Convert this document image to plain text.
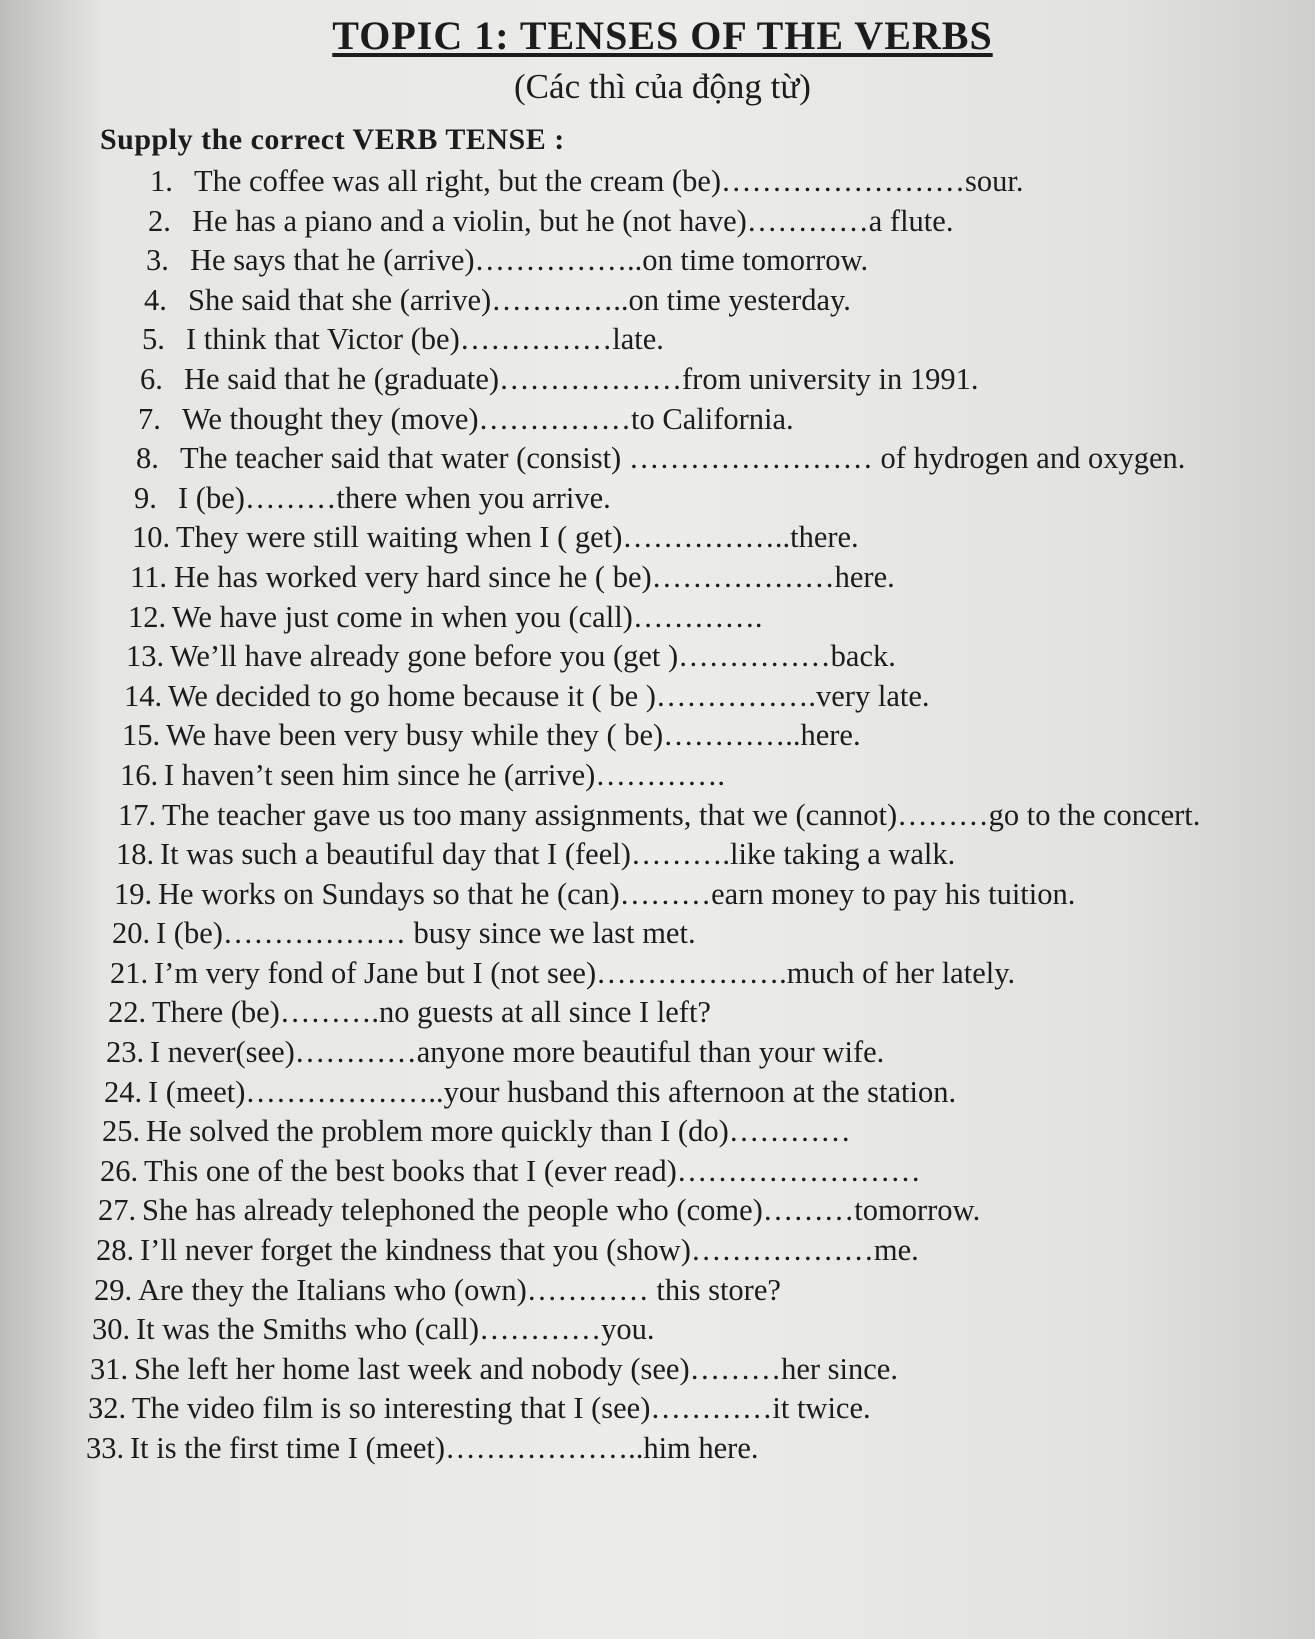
TOPIC 1: TENSES OF THE VERBS

(Các thì của động từ)

Supply the correct VERB TENSE :

1. The coffee was all right, but the cream (be)……………………sour.
2. He has a piano and a violin, but he (not have)…………a flute.
3. He says that he (arrive)……………..on time tomorrow.
4. She said that she (arrive)…………..on time yesterday.
5. I think that Victor (be)……………late.
6. He said that he (graduate)………………from university in 1991.
7. We thought they (move)……………to California.
8. The teacher said that water (consist) …………………… of hydrogen and oxygen.
9. I (be)………there when you arrive.
10. They were still waiting when I ( get)……………..there.
11. He has worked very hard since he ( be)………………here.
12. We have just come in when you (call)………….
13. We’ll have already gone before you (get )……………back.
14. We decided to go home because it ( be )…………….very late.
15. We have been very busy while they ( be)…………..here.
16. I haven’t seen him since he (arrive)………….
17. The teacher gave us too many assignments, that we (cannot)………go to the concert.
18. It was such a beautiful day that I (feel)……….like taking a walk.
19. He works on Sundays so that he (can)………earn money to pay his tuition.
20. I (be)……………… busy since we last met.
21. I’m very fond of Jane but I (not see)……………….much of her lately.
22. There (be)……….no guests at all since I left?
23. I never(see)…………anyone more beautiful than your wife.
24. I (meet)………………..your husband this afternoon at the station.
25. He solved the problem more quickly than I (do)…………
26. This one of the best books that I (ever read)……………………
27. She has already telephoned the people who (come)………tomorrow.
28. I’ll never forget the kindness that you (show)………………me.
29. Are they the Italians who (own)………… this store?
30. It was the Smiths who (call)…………you.
31. She left her home last week and nobody (see)………her since.
32. The video film is so interesting that I (see)…………it twice.
33. It is the first time I (meet)………………..him here.
